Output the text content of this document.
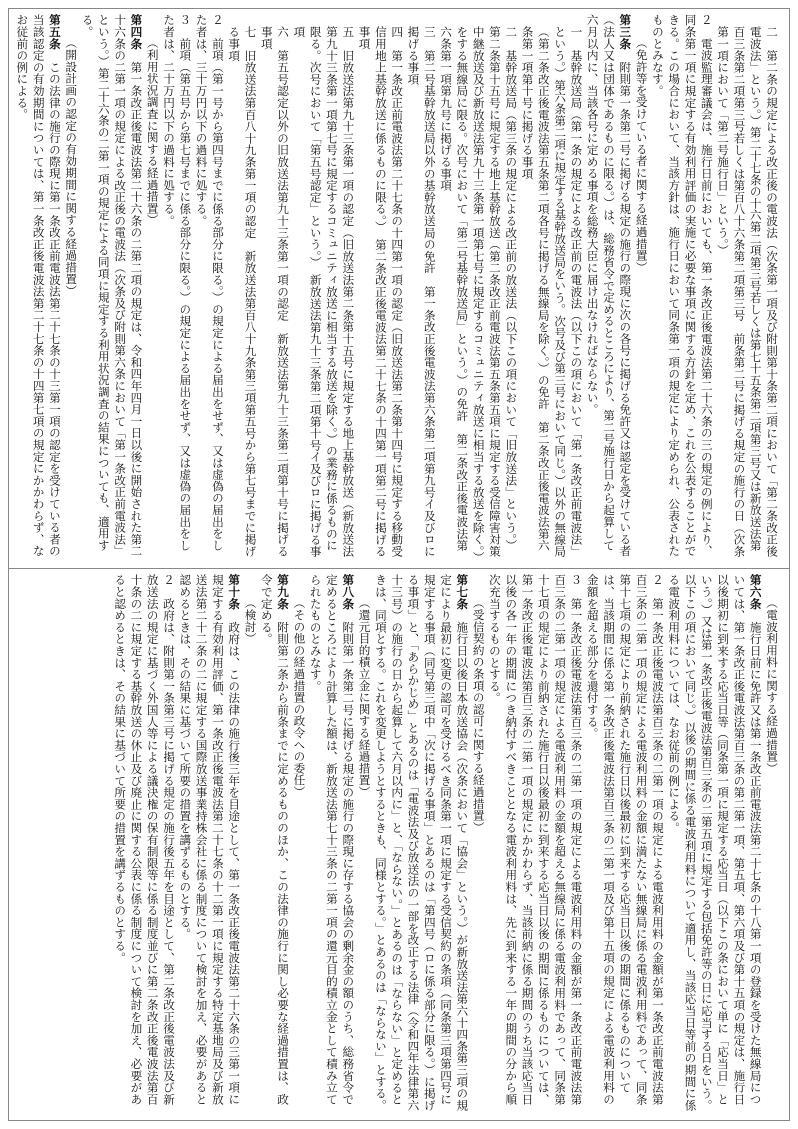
二　第二条の規定による改正後の電波法（次条第一項及び附則第十条第二項において「第二条改正後電波法」という。）第二十七条の十六第二項第三号若しくは第七十五条第二項第三号又は新放送法第百三条第二項第三号若しくは第百八十六条第二項第三号　前条第二号に掲げる規定の施行の日（次条第一項において「第二号施行日」という。）

２　電波監理審議会は、施行日前においても、第一条改正後電波法第二十六条の三の規定の例により、同条第一項に規定する有効利用評価の実施に必要な事項に関する方針を定め、これを公表することができる。この場合において、当該方針は、施行日において同条第一項の規定により定められ、公表されたものとみなす。

（免許等を受けている者に関する経過措置）

第三条　附則第一条第二号に掲げる規定の施行の際現に次の各号に掲げる免許又は認定を受けている者（法人又は団体であるものに限る。）は、総務省令で定めるところにより、第二号施行日から起算して六月以内に、当該各号に定める事項を総務大臣に届け出なければならない。

一　基幹放送局（第一条の規定による改正前の電波法（以下この項において「第一条改正前電波法」という。）第六条第二項に規定する基幹放送局をいう。次号及び第三号において同じ。）以外の無線局（第二条改正後電波法第五条第二項各号に掲げる無線局を除く。）の免許　第二条改正後電波法第六条第一項第十号に掲げる事項

二　基幹放送局（第三条の規定による改正前の放送法（以下この項において「旧放送法」という。）第二条第十五号に規定する地上基幹放送（第二条改正前電波法第五条第五項に規定する受信障害対策中継放送及び新放送法第九十三条第一項第七号に規定するコミュニティ放送に相当する放送を除く。）をする無線局に限る。次号において「第二号基幹放送局」という。）の免許　第二条改正後電波法第六条第一項第九号に掲げる事項

三　第二号基幹放送局以外の基幹放送局の免許　第一条改正後電波法第六条第二項第九号イ及びロに掲げる事項

四　第一条改正前電波法第二十七条の十四第一項の認定（旧放送法第二条第十四号に規定する移動受信用地上基幹放送に係るものに限る。）　第二条改正後電波法第二十七条の十四第一項第二号に掲げる事項

五　旧放送法第九十三条第一項の認定（旧放送法第二条第十五号に規定する地上基幹放送（新放送法第九十三条第一項第七号に規定するコミュニティ放送に相当する放送を除く。）の業務に係るものに限る。次号において「第五号認定」という。）　新放送法第九十三条第二項第十号イ及びロに掲げる事項

六　第五号認定以外の旧放送法第九十三条第一項の認定　新放送法第九十三条第二項第十号に掲げる事項

七　旧放送法第百八十九条第一項の認定　新放送法第百八十九条第三項第五号から第七号までに掲げる事項

２　前項（第一号から第四号までに係る部分に限る。）の規定による届出をせず、又は虚偽の届出をした者は、三十万円以下の過料に処する。

３　前項（第五号から第七号までに係る部分に限る。）の規定による届出をせず、又は虚偽の届出をした者は、二十万円以下の過料に処する。

（利用状況調査に関する経過措置）

第四条　第一条改正後電波法第二十六条の二第二項の規定は、令和四年四月一日以後に開始された第二十六条の二第一項の規定による改正後の電波法（次条及び附則第六条において「第一条改正前電波法」という。）第二十六条の二第一項の規定による同項に規定する利用状況調査の結果についても、適用する。

（開設計画の認定の有効期間に関する経過措置）

第五条　この法律の施行の際現に第一条改正前電波法第二十七条の十三第一項の認定を受けている者の当該認定の有効期間については、第一条改正後電波法第二十七条の十四第七項の規定にかかわらず、なお従前の例による。

（電波利用料に関する経過措置）

第六条　施行日前に免許又は第一条改正前電波法第二十七条の十八第一項の登録を受けた無線局については、第一条改正後電波法第百三条の第二第一項、第五項、第六項及び第十五項の規定は、施行日以後期初に到来する応当日等（同条第一項に規定する応当日（以下この条において単に「応当日」という。）又は第一条改正後電波法第百三条の二第五項に規定する包括免許等の日に応当する日をいう。以下この項において同じ。）以後の期間に係る電波利用料について適用し、当該応当日等前の期間に係る電波利用料については、なお従前の例による。

２　第一条改正後電波法第百三条の二第一項の規定による電波利用料の金額が第一条改正前電波法第百三条の二第一項の規定による電波利用料の金額に満たない無線局に係る電波利用料であって、同条第十七項の規定により前納された施行日以後最初に到来する応当日以後の期間に係るものについては、当該期間に係る第一条改正後電波法第百三条の二第一項及び第十五項の規定による電波利用料の金額を超える部分を還付する。

３　第一条改正後電波法第百三条の二第一項の規定による電波利用料の金額が第一条改正前電波法第百三条の二第一項の規定による電波利用料の金額を超える無線局に係る電波利用料であって、同条第十七項の規定により前納された施行日以後最初に到来する応当日以後の期間に係るものについては、第一条改正後電波法第百三条の二第一項の規定にかかわらず、当該前納に係る期間のうち当該応当日以後の各一年の期間につき納付すべきこととなる電波利用料は、先に到来する一年の期間の分から順次充当するものとする。

（受信契約の条項の認可に関する経過措置）

第七条　施行日以後日本放送協会（次条において「協会」という。）が新放送法第六十四条第三項の規定により最初に変更の認可を受けるべき同条第一項に規定する受信契約の条項（同条第三項第四号に規定する事項（同号第三項中「次に掲げる事項」とあるのは「第四号（ロに係る部分に限る。）に掲げる事項」と、「あらかじめ」とあるのは「電波法及び放送法の一部を改正する法律（令和四年法律第六十三号）の施行の日から起算して六月以内に」と、「ならない。」とあるのは「ならない」と定めるときは、同項とする。これを変更しようとするときも、同様とする。」とあるのは「ならない」とする。

（還元目的積立金に関する経過措置）

第八条　附則第一条第二号に掲げる規定の施行の際現に存する協会の剰余金の額のうち、総務省令で定めるところにより計算した額は、新放送法第七十三条の二第一項の還元目的積立金として積み立てられたものとみなす。

（その他の経過措置の政令への委任）

第九条　附則第二条から前条までに定めるもののほか、この法律の施行に関し必要な経過措置は、政令で定める。

（検討）

第十条　政府は、この法律の施行後三年を目途として、第一条改正後電波法第二十六条の三第一項に規定する有効利用評価、第一条改正後電波法第二十七条の十二第一項に規定する特定基地局及び新放送法第二十二条の二に規定する国際放送事業持株会社に係る制度について検討を加え、必要があると認めるときは、その結果に基づいて所要の措置を講ずるものとする。

２　政府は、附則第一条第三号に掲げる規定の施行後五年を目途として、第二条改正後電波法及び新放送法の規定に基づく外国人等による議決権の保有制限等に係る制度並びに第二条改正後電波法第百十条の二に規定する基幹放送の休止及び廃止に関する公表に係る制度について検討を加え、必要があると認めるときは、その結果に基づいて所要の措置を講ずるものとする。
